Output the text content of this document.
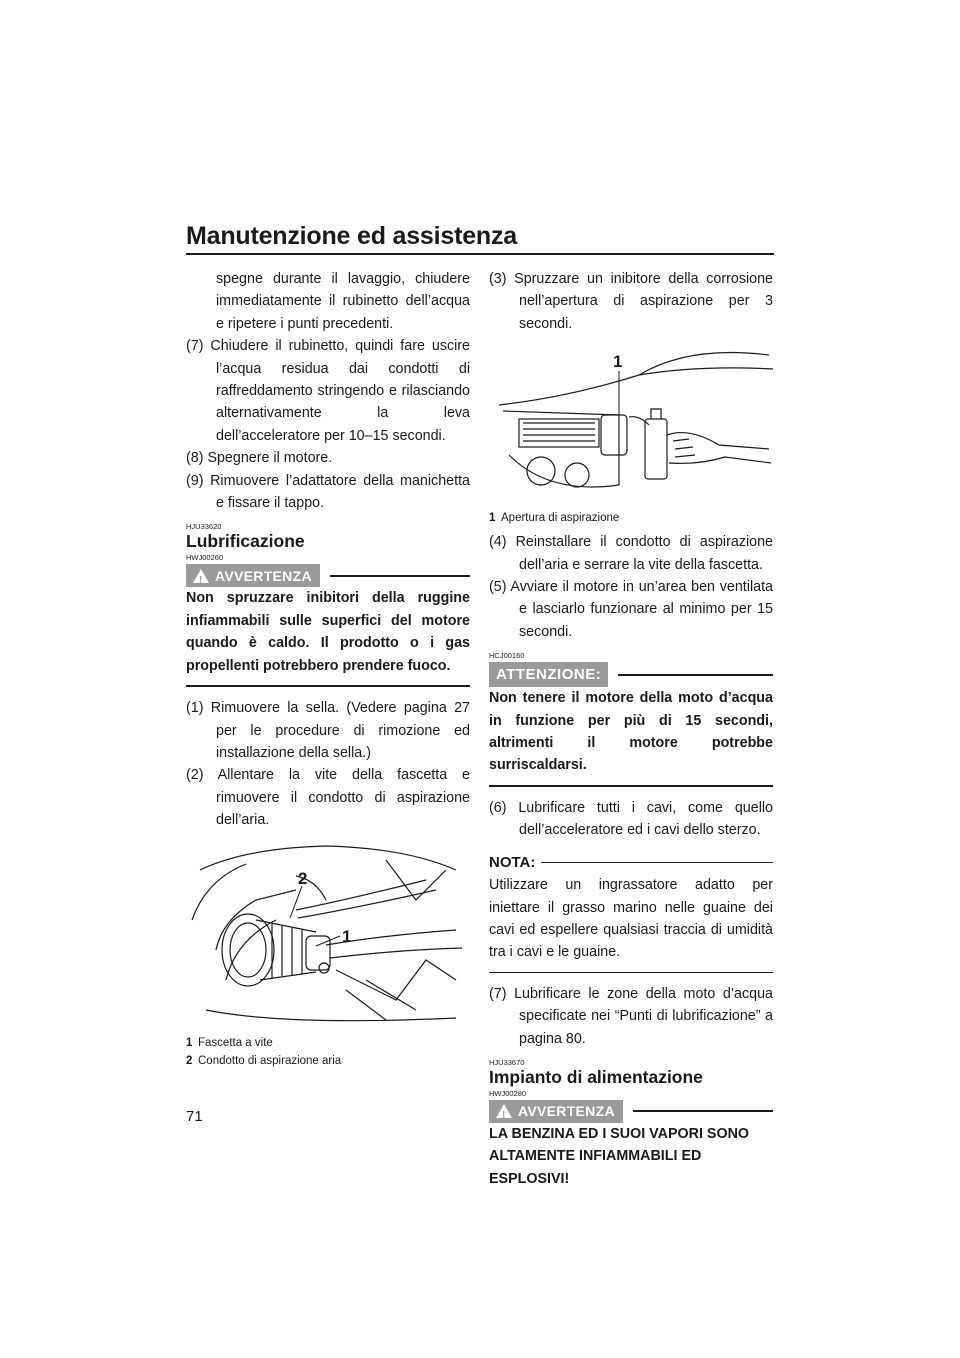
Manutenzione ed assistenza

spegne durante il lavaggio, chiudere immediatamente il rubinetto dell’acqua e ripetere i punti precedenti.

(7) Chiudere il rubinetto, quindi fare uscire l’acqua residua dai condotti di raffreddamento stringendo e rilasciando alternativamente la leva dell’acceleratore per 10–15 secondi.

(8) Spegnere il motore.

(9) Rimuovere l’adattatore della manichetta e fissare il tappo.

HJU33620
Lubrificazione
HWJ00260
!
AVVERTENZA

Non spruzzare inibitori della ruggine infiammabili sulle superfici del motore quando è caldo. Il prodotto o i gas propellenti potrebbero prendere fuoco.

(1) Rimuovere la sella. (Vedere pagina 27 per le procedure di rimozione ed installazione della sella.)

(2) Allentare la vite della fascetta e rimuovere il condotto di aspirazione dell’aria.

2
1
1 Fascetta a vite
2 Condotto di aspirazione aria

(3) Spruzzare un inibitore della corrosione nell’apertura di aspirazione per 3 secondi.

1
1 Apertura di aspirazione

(4) Reinstallare il condotto di aspirazione dell’aria e serrare la vite della fascetta.

(5) Avviare il motore in un’area ben ventilata e lasciarlo funzionare al minimo per 15 secondi.

HCJ00160
ATTENZIONE:

Non tenere il motore della moto d’acqua in funzione per più di 15 secondi, altrimenti il motore potrebbe surriscaldarsi.

(6) Lubrificare tutti i cavi, come quello dell’acceleratore ed i cavi dello sterzo.

NOTA:

Utilizzare un ingrassatore adatto per iniettare il grasso marino nelle guaine dei cavi ed espellere qualsiasi traccia di umidità tra i cavi e le guaine.

(7) Lubrificare le zone della moto d’acqua specificate nei “Punti di lubrificazione” a pagina 80.

HJU33670
Impianto di alimentazione
HWJ00280
!
AVVERTENZA

LA BENZINA ED I SUOI VAPORI SONO ALTAMENTE INFIAMMABILI ED ESPLOSIVI!

71
